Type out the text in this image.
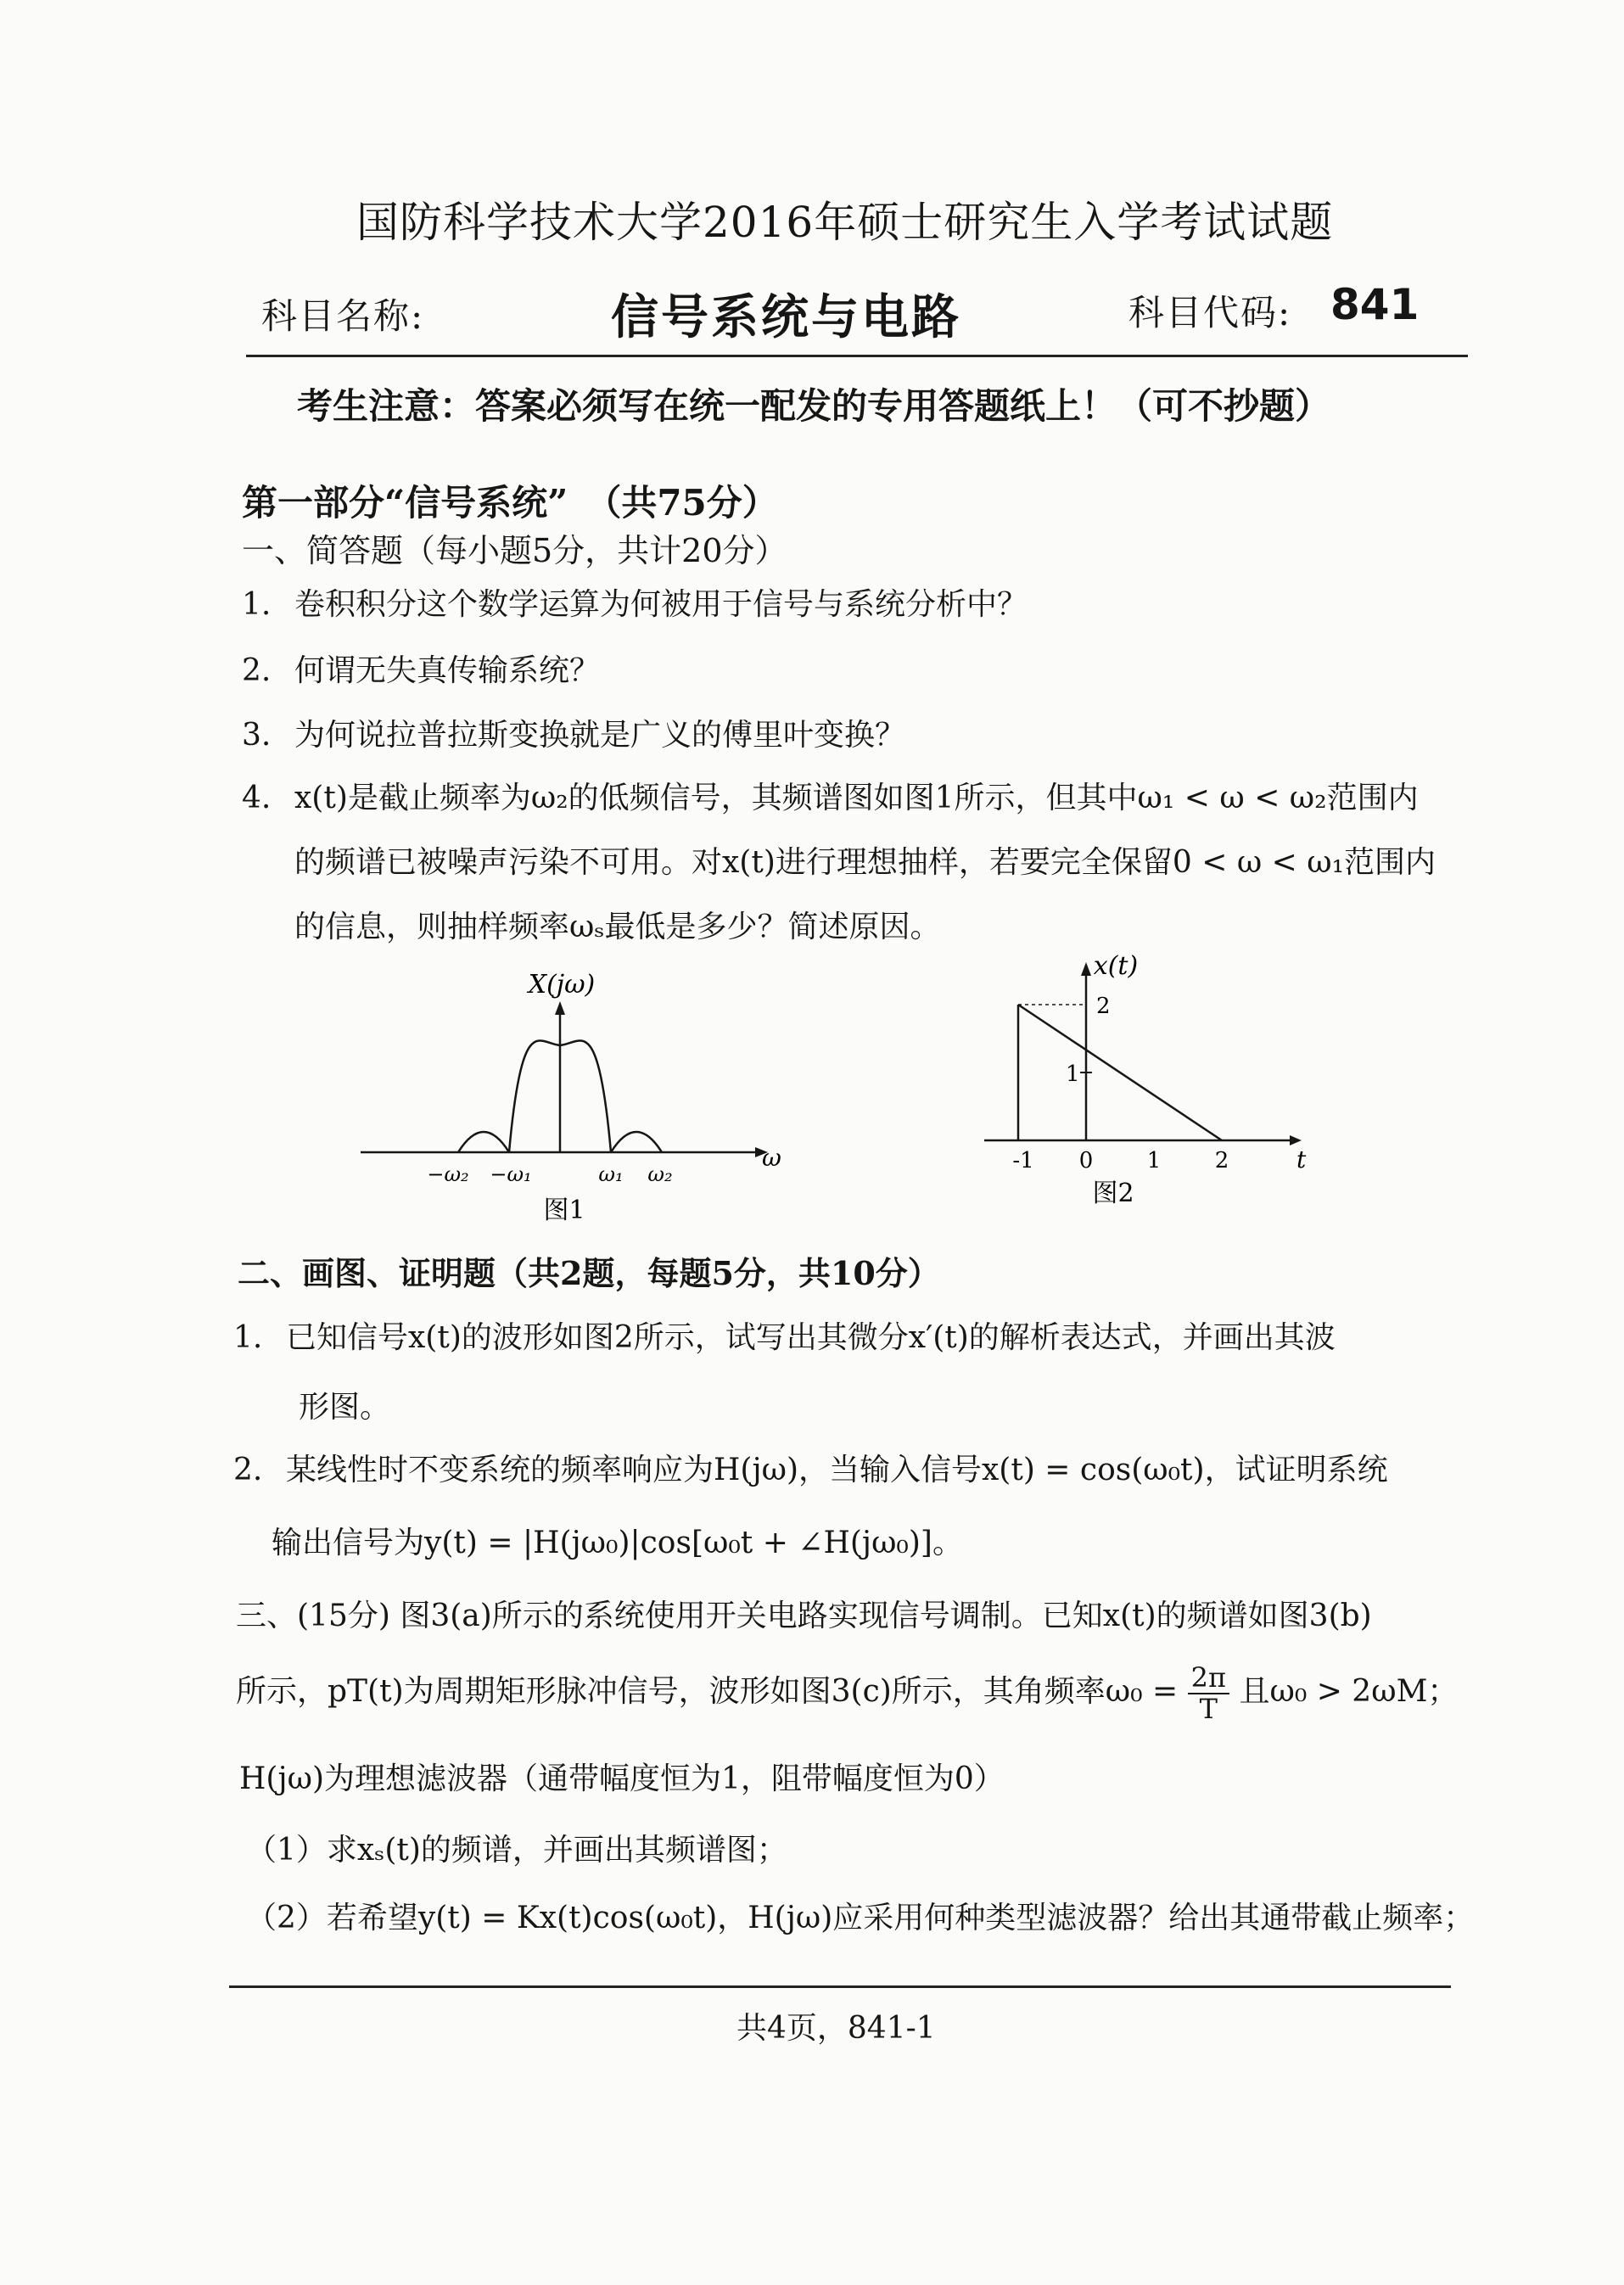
国防科学技术大学2016年硕士研究生入学考试试题
科目名称:	信号系统与电路	科目代码: 841
考生注意：答案必须写在统一配发的专用答题纸上！（可不抄题）
第一部分“信号系统”　（共75分）
一、简答题（每小题5分，共计20分）
1. 卷积积分这个数学运算为何被用于信号与系统分析中？
2. 何谓无失真传输系统？
3. 为何说拉普拉斯变换就是广义的傅里叶变换？
4. x(t)是截止频率为ω₂的低频信号，其频谱图如图1所示，但其中ω₁ < ω < ω₂范围内
的频谱已被噪声污染不可用。对x(t)进行理想抽样，若要完全保留0 < ω < ω₁范围内
的信息，则抽样频率ωₛ最低是多少？简述原因。
X(jω)
−ω₂ −ω₁	ω₁ ω₂
ω
图1
x(t)
2
1
-1 0 1 2	t
图2
二、画图、证明题（共2题，每题5分，共10分）
1. 已知信号x(t)的波形如图2所示，试写出其微分x′(t)的解析表达式，并画出其波
形图。
2. 某线性时不变系统的频率响应为H(jω)，当输入信号x(t) = cos(ω₀t)，试证明系统
输出信号为y(t) = |H(jω₀)|cos[ω₀t + ∠H(jω₀)]。
三、(15分) 图3(a)所示的系统使用开关电路实现信号调制。已知x(t)的频谱如图3(b)
所示，pT(t)为周期矩形脉冲信号，波形如图3(c)所示，其角频率$\omega_0 = \frac{2\pi}{T}$ 且ω₀ > 2ωM；
H(jω)为理想滤波器（通带幅度恒为1，阻带幅度恒为0）
（1）求xₛ(t)的频谱，并画出其频谱图；
（2）若希望y(t) = Kx(t)cos(ω₀t)，H(jω)应采用何种类型滤波器？给出其通带截止频率；
共4页，841-1
